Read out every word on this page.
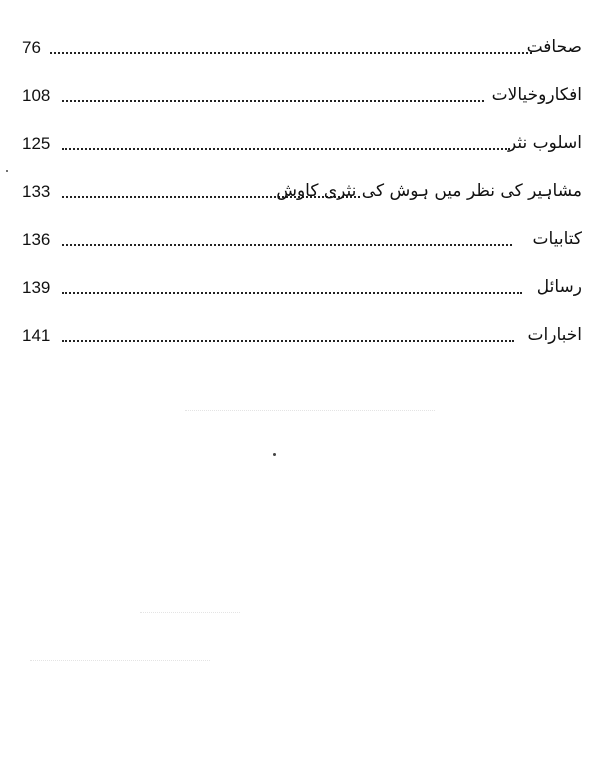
76	صحافت
108	افکاروخیالات
125	اسلوب نثر
133	مشاہیر کی نظر میں ہوش کی نثری کاوش
136	کتابیات
139	رسائل
141	اخبارات
